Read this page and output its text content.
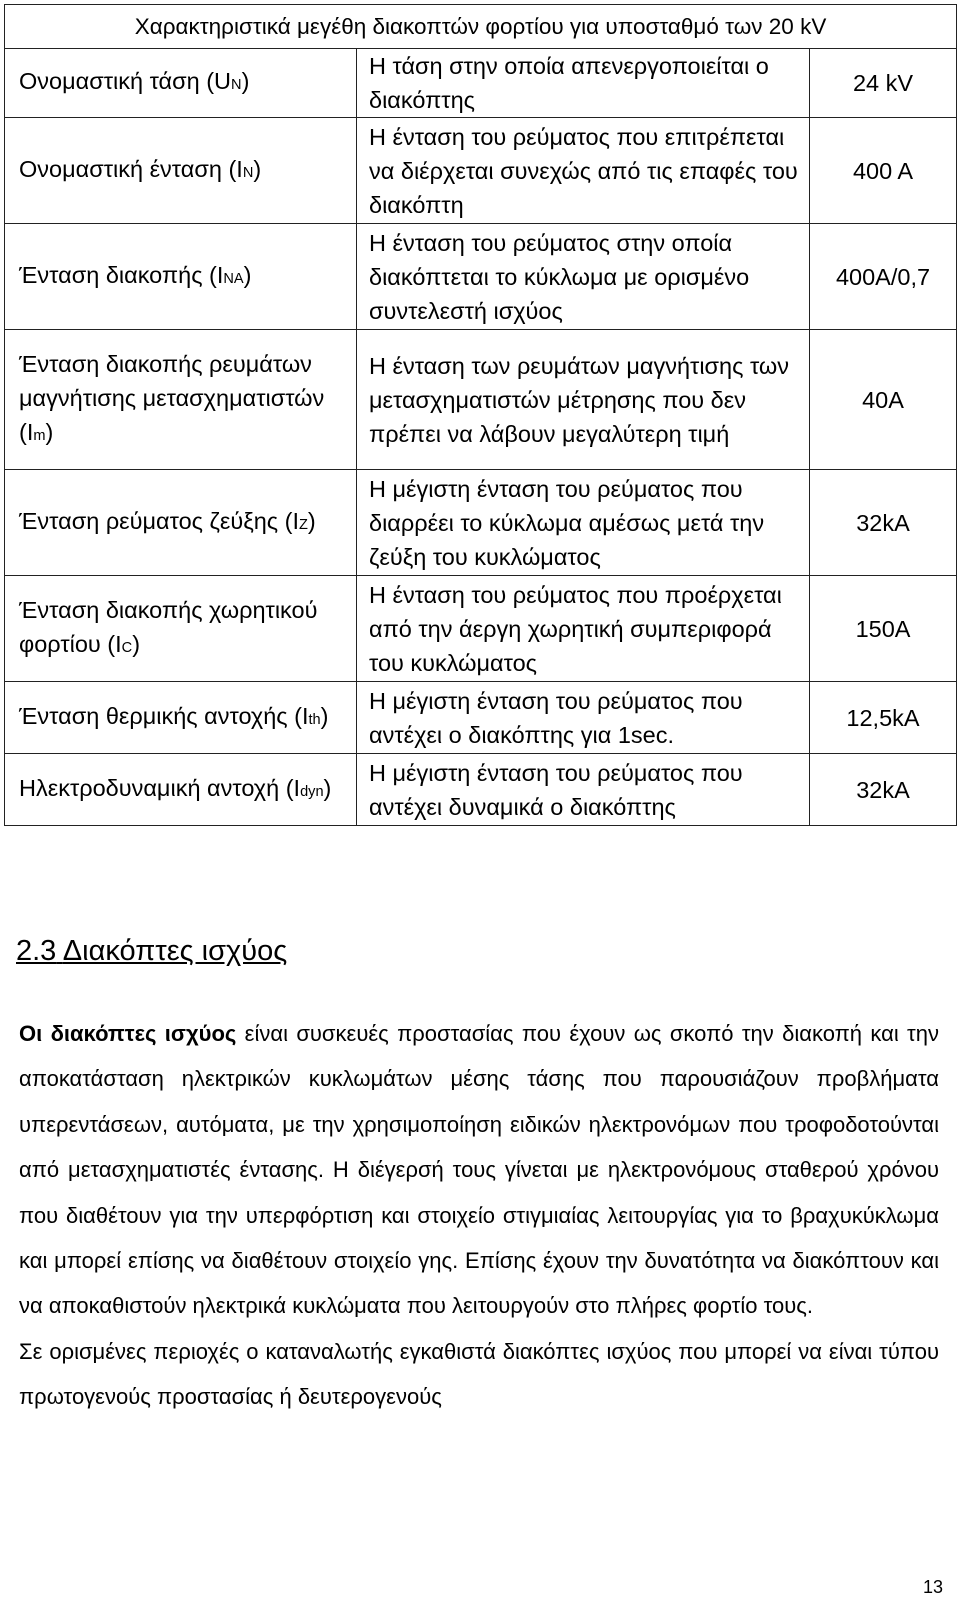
Χαρακτηριστικά μεγέθη διακοπτών φορτίου για υποσταθμό των 20 kV		
Ονομαστική τάση (UN)	Η τάση στην οποία απενεργοποιείται ο διακόπτης	24 kV
Ονομαστική ένταση (IN)	Η ένταση του ρεύματος που επιτρέπεται να διέρχεται συνεχώς από τις επαφές του διακόπτη	400 A
Ένταση διακοπής (INA)	Η ένταση του ρεύματος στην οποία διακόπτεται το κύκλωμα με ορισμένο συντελεστή ισχύος	400A/0,7
Ένταση διακοπής ρευμάτων μαγνήτισης μετασχηματιστών (Im)	Η ένταση των ρευμάτων μαγνήτισης των μετασχηματιστών μέτρησης που δεν πρέπει να λάβουν μεγαλύτερη τιμή	40A
Ένταση ρεύματος ζεύξης (IZ)	Η μέγιστη ένταση του ρεύματος που διαρρέει το κύκλωμα αμέσως μετά την ζεύξη του κυκλώματος	32kA
Ένταση διακοπής χωρητικού φορτίου (IC)	Η ένταση του ρεύματος που προέρχεται από την άεργη χωρητική συμπεριφορά του κυκλώματος	150A
Ένταση θερμικής αντοχής (Ith)	Η μέγιστη ένταση του ρεύματος που αντέχει ο διακόπτης για 1sec.	12,5kA
Ηλεκτροδυναμική αντοχή (Idyn)	Η μέγιστη ένταση του ρεύματος που αντέχει δυναμικά ο διακόπτης	32kA
2.3 Διακόπτες ισχύος

Οι διακόπτες ισχύος είναι συσκευές προστασίας που έχουν ως σκοπό την διακοπή και την αποκατάσταση ηλεκτρικών κυκλωμάτων μέσης τάσης που παρουσιάζουν προβλήματα υπερεντάσεων, αυτόματα, με την χρησιμοποίηση ειδικών ηλεκτρονόμων που τροφοδοτούνται από μετασχηματιστές έντασης. Η διέγερσή τους γίνεται με ηλεκτρονόμους σταθερού χρόνου που διαθέτουν για την υπερφόρτιση και στοιχείο στιγμιαίας λειτουργίας για το βραχυκύκλωμα και μπορεί επίσης να διαθέτουν στοιχείο γης. Επίσης έχουν την δυνατότητα να διακόπτουν και να αποκαθιστούν ηλεκτρικά κυκλώματα που λειτουργούν στο πλήρες φορτίο τους.

Σε ορισμένες περιοχές ο καταναλωτής εγκαθιστά διακόπτες ισχύος που μπορεί να είναι τύπου πρωτογενούς προστασίας ή δευτερογενούς

13
